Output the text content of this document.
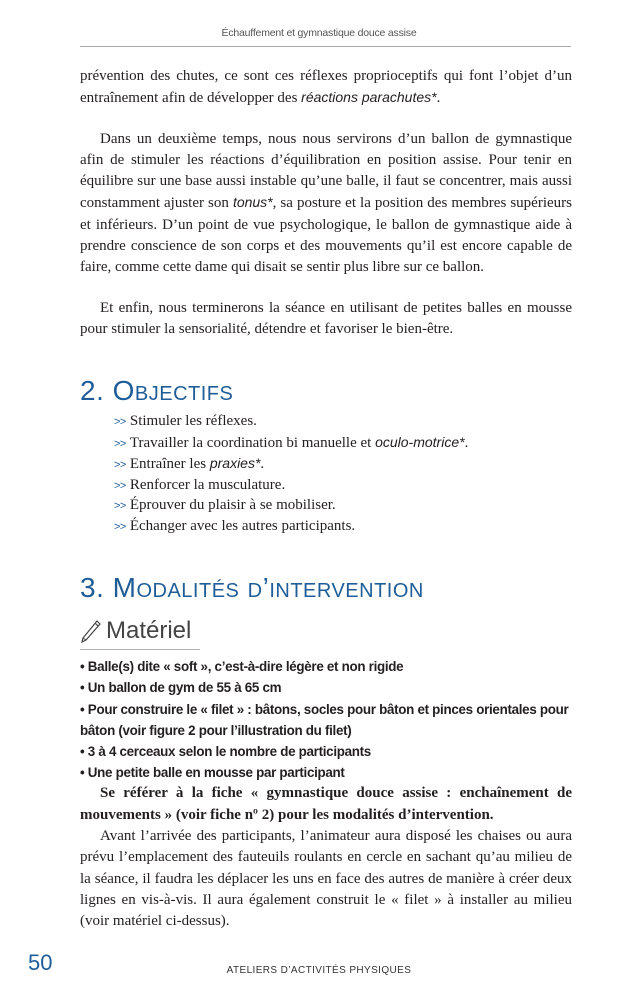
Échauffement et gymnastique douce assise

prévention des chutes, ce sont ces réflexes proprioceptifs qui font l’objet d’un entraînement afin de développer des réactions parachutes*.

Dans un deuxième temps, nous nous servirons d’un ballon de gymnastique afin de stimuler les réactions d’équilibration en position assise. Pour tenir en équilibre sur une base aussi instable qu’une balle, il faut se concentrer, mais aussi constamment ajuster son tonus*, sa posture et la position des membres supérieurs et inférieurs. D’un point de vue psychologique, le ballon de gymnastique aide à prendre conscience de son corps et des mouvements qu’il est encore capable de faire, comme cette dame qui disait se sentir plus libre sur ce ballon.

Et enfin, nous terminerons la séance en utilisant de petites balles en mousse pour stimuler la sensorialité, détendre et favoriser le bien-être.

2. Objectifs
>> Stimuler les réflexes.
>> Travailler la coordination bi manuelle et oculo-motrice*.
>> Entraîner les praxies*.
>> Renforcer la musculature.
>> Éprouver du plaisir à se mobiliser.
>> Échanger avec les autres participants.
3. Modalités d’intervention
Matériel
• Balle(s) dite « soft », c’est-à-dire légère et non rigide
• Un ballon de gym de 55 à 65 cm
• Pour construire le « filet » : bâtons, socles pour bâton et pinces orientales pour bâton (voir figure 2 pour l’illustration du filet)
• 3 à 4 cerceaux selon le nombre de participants
• Une petite balle en mousse par participant

Se référer à la fiche « gymnastique douce assise : enchaînement de mouvements » (voir fiche nº 2) pour les modalités d’intervention.

Avant l’arrivée des participants, l’animateur aura disposé les chaises ou aura prévu l’emplacement des fauteuils roulants en cercle en sachant qu’au milieu de la séance, il faudra les déplacer les uns en face des autres de manière à créer deux lignes en vis-à-vis. Il aura également construit le « filet » à installer au milieu (voir matériel ci-dessus).

50	ATELIERS D’ACTIVITÉS PHYSIQUES
